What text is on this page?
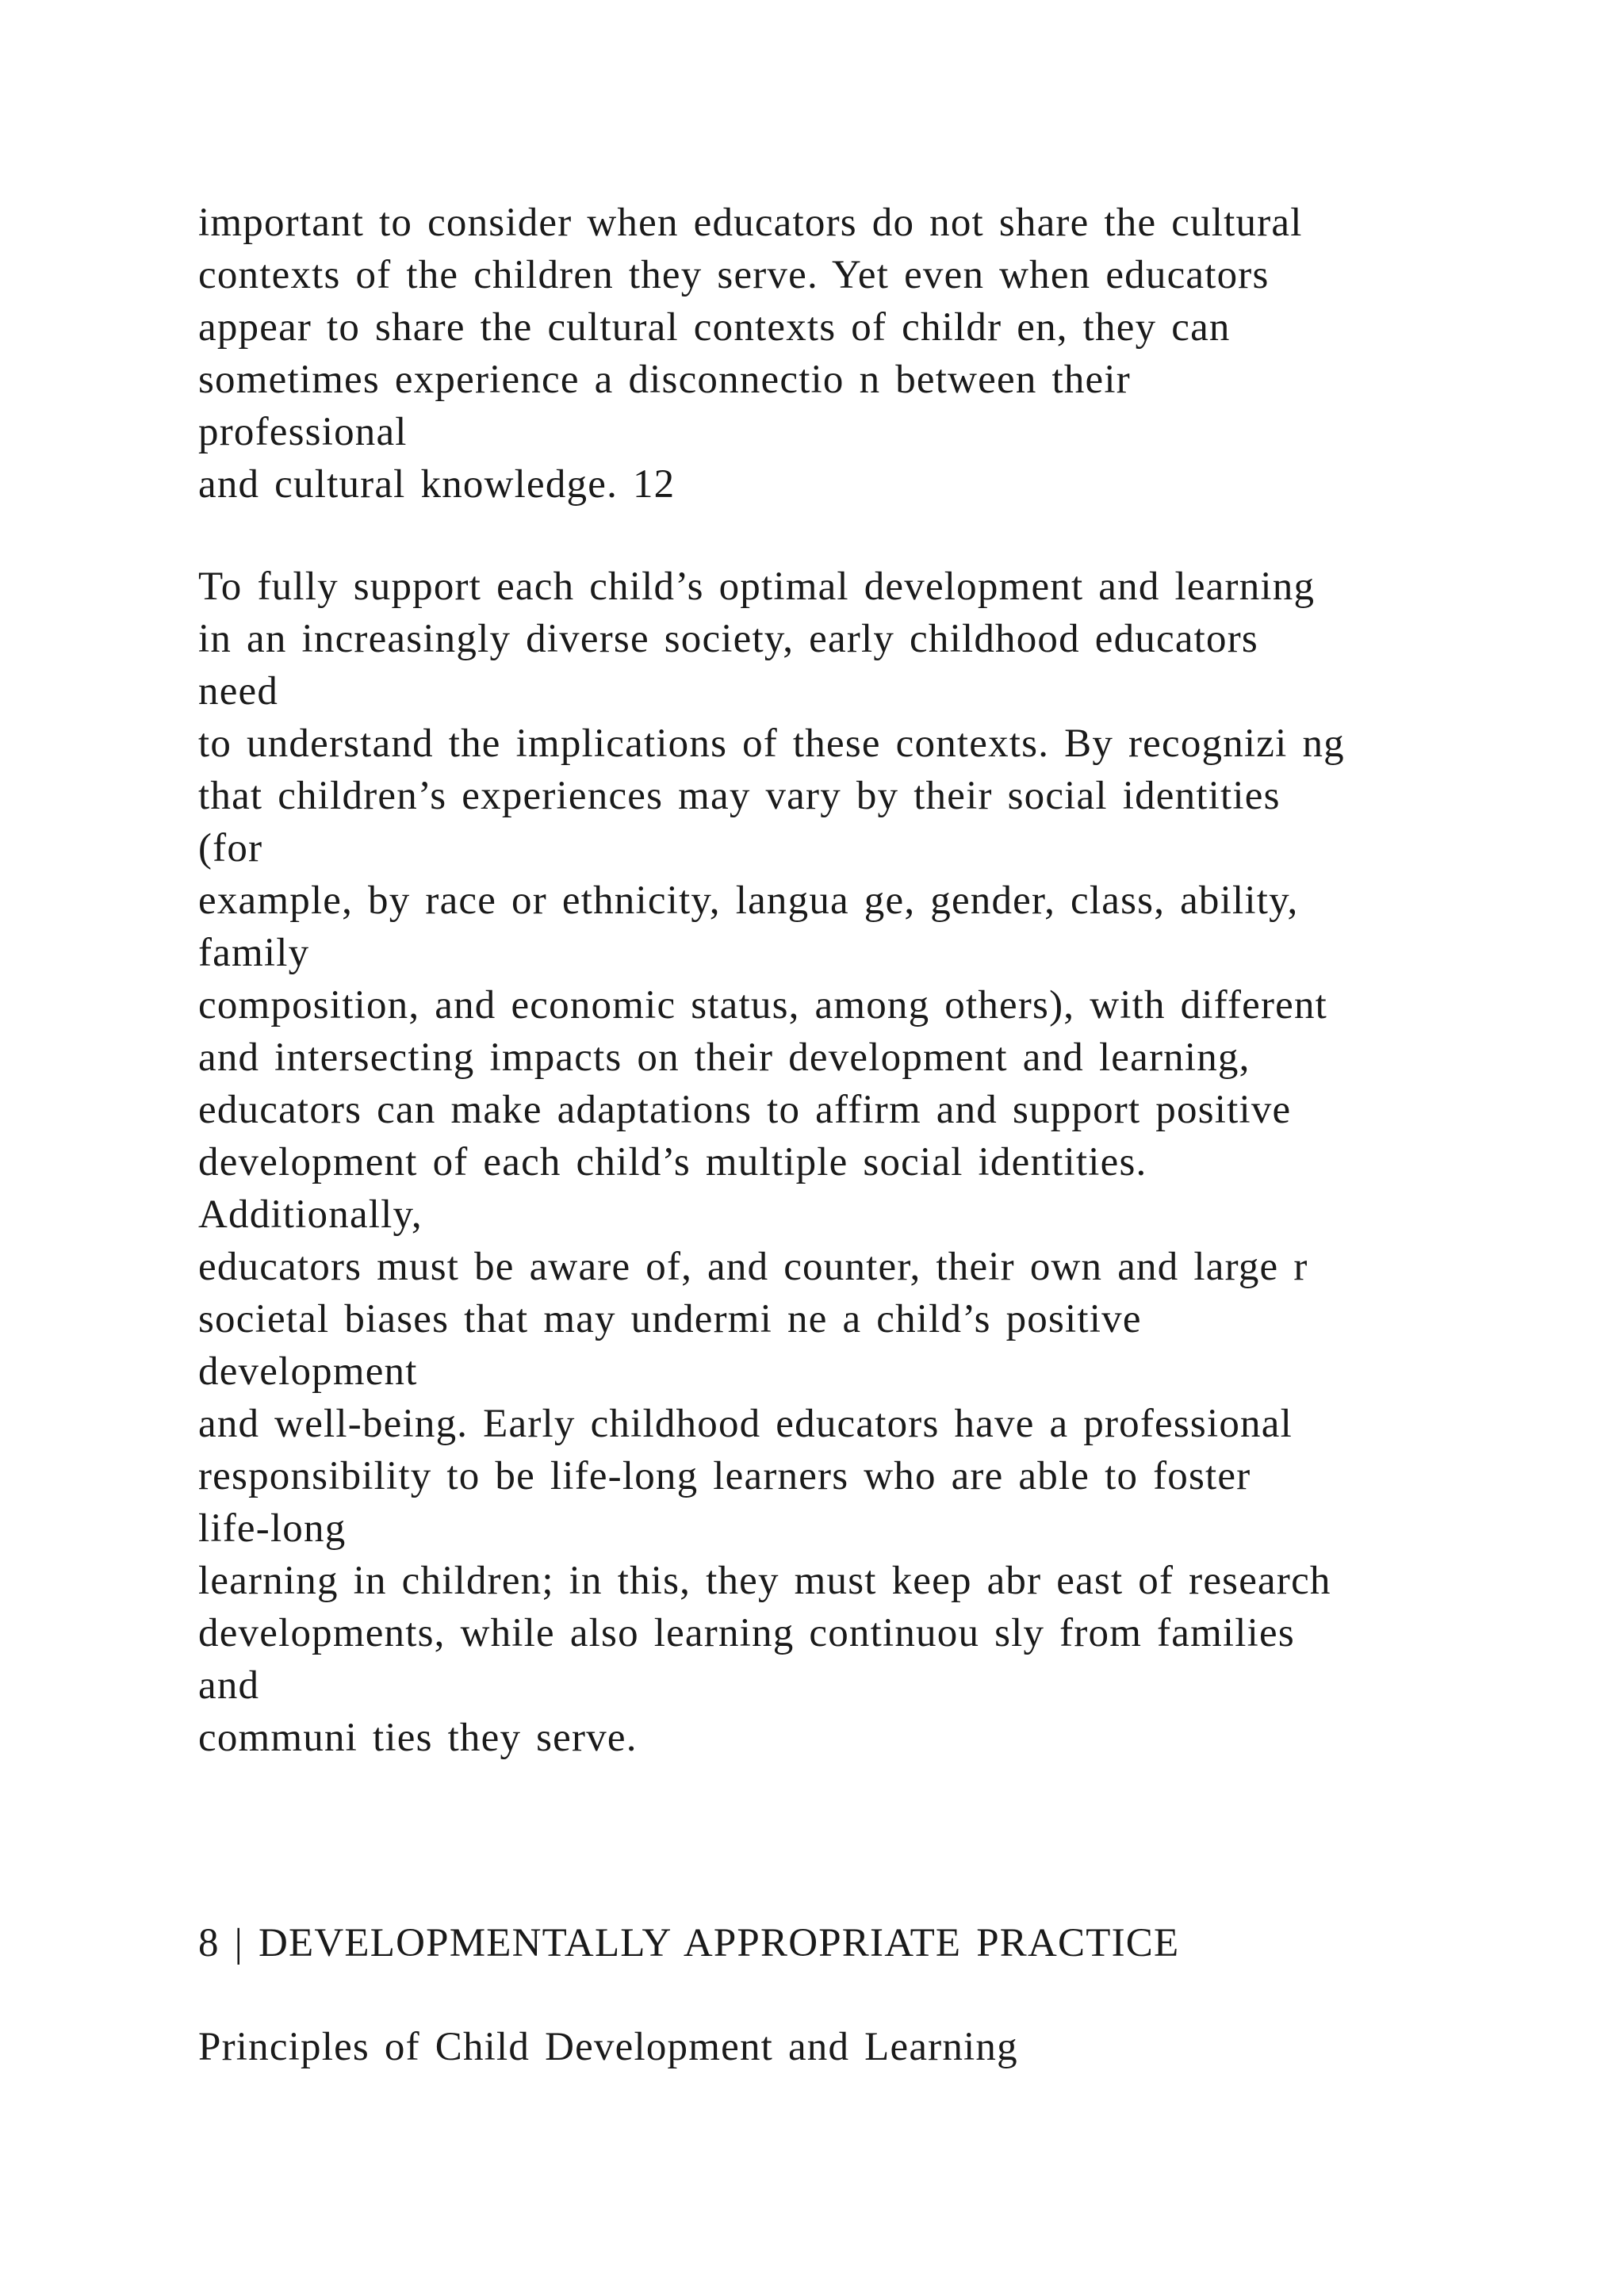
important to consider when educators do not share the cultural
contexts of the children they serve. Yet even when educators
appear to share the cultural contexts of childr en, they can
sometimes experience a disconnectio n between their
professional
and cultural knowledge. 12
To fully support each child’s optimal development and learning
in an increasingly diverse society, early childhood educators
need
to understand the implications of these contexts. By recognizi ng
that children’s experiences may vary by their social identities
(for
example, by race or ethnicity, langua ge, gender, class, ability,
family
composition, and economic status, among others), with different
and intersecting impacts on their development and learning,
educators can make adaptations to affirm and support positive
development of each child’s multiple social identities.
Additionally,
educators must be aware of, and counter, their own and large r
societal biases that may undermi ne a child’s positive
development
and well-being. Early childhood educators have a professional
responsibility to be life-long learners who are able to foster
life-long
learning in children; in this, they must keep abr east of research
developments, while also learning continuou sly from families
and
communi ties they serve.
8 | DEVELOPMENTALLY APPROPRIATE PRACTICE
Principles of Child Development and Learning
